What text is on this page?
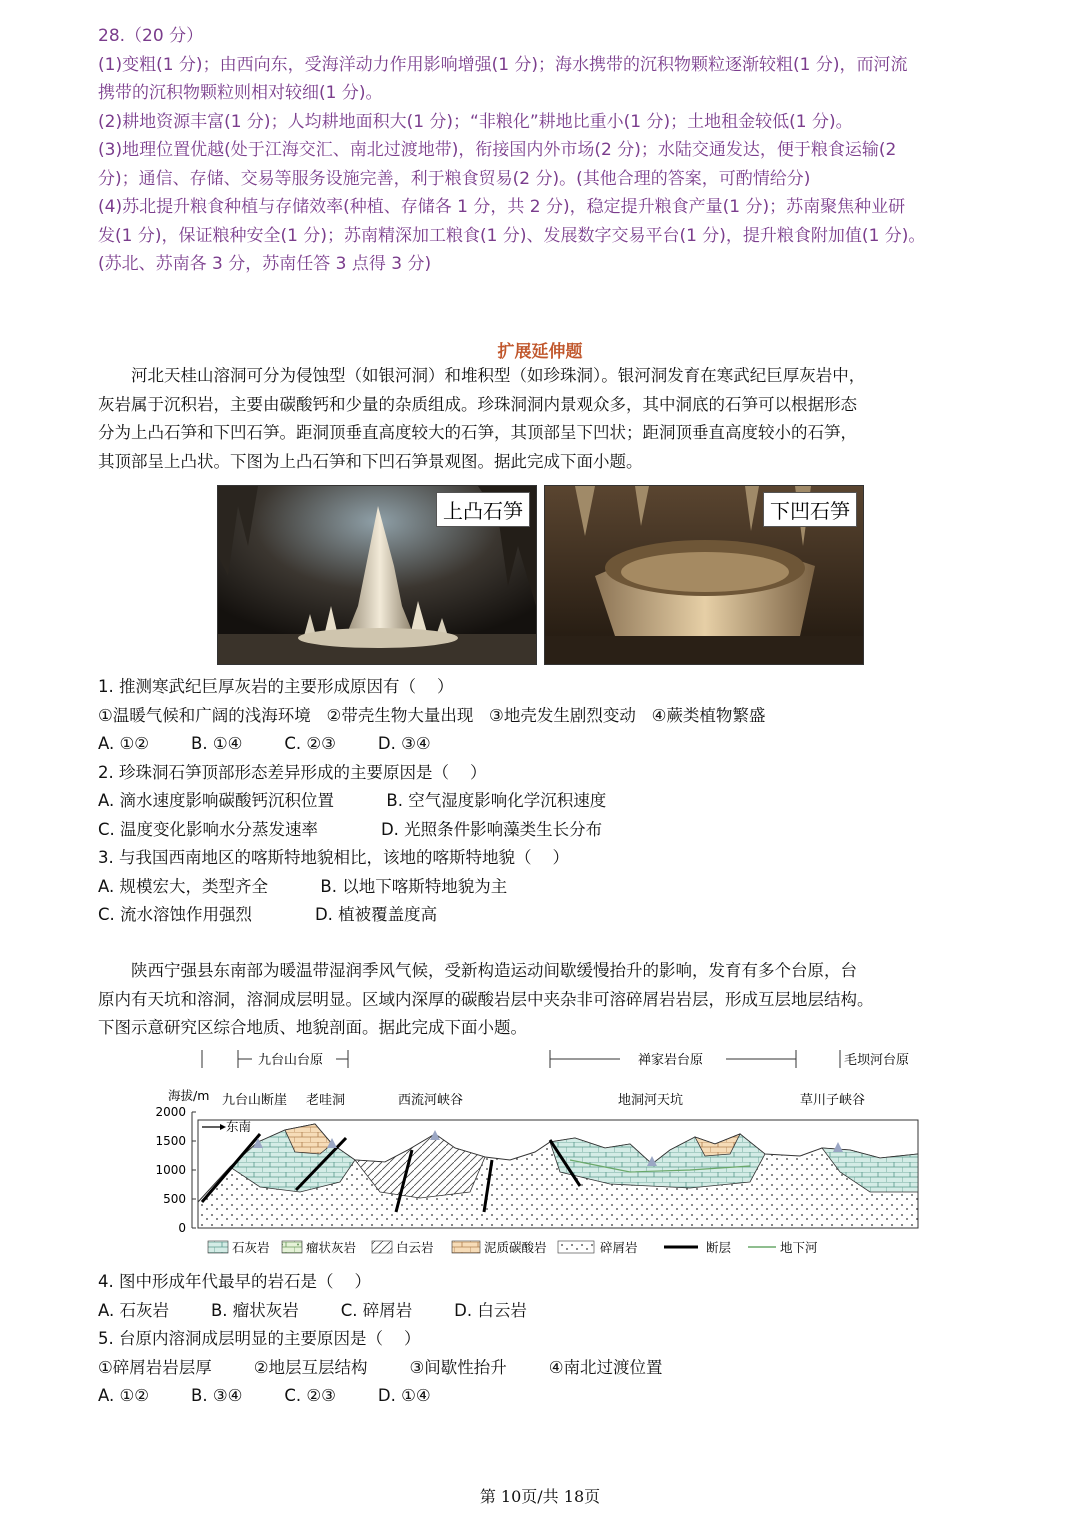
28.（20 分）

(1)变粗(1 分)；由西向东，受海洋动力作用影响增强(1 分)；海水携带的沉积物颗粒逐渐较粗(1 分)，而河流

携带的沉积物颗粒则相对较细(1 分)。

(2)耕地资源丰富(1 分)；人均耕地面积大(1 分)；“非粮化”耕地比重小(1 分)；土地租金较低(1 分)。

(3)地理位置优越(处于江海交汇、南北过渡地带)，衔接国内外市场(2 分)；水陆交通发达，便于粮食运输(2

分)；通信、存储、交易等服务设施完善，利于粮食贸易(2 分)。(其他合理的答案，可酌情给分)

(4)苏北提升粮食种植与存储效率(种植、存储各 1 分，共 2 分)，稳定提升粮食产量(1 分)；苏南聚焦种业研

发(1 分)，保证粮种安全(1 分)；苏南精深加工粮食(1 分)、发展数字交易平台(1 分)，提升粮食附加值(1 分)。

(苏北、苏南各 3 分，苏南任答 3 点得 3 分)

扩展延伸题

河北天桂山溶洞可分为侵蚀型（如银河洞）和堆积型（如珍珠洞）。银河洞发育在寒武纪巨厚灰岩中，

灰岩属于沉积岩，主要由碳酸钙和少量的杂质组成。珍珠洞洞内景观众多，其中洞底的石笋可以根据形态

分为上凸石笋和下凹石笋。距洞顶垂直高度较大的石笋，其顶部呈下凹状；距洞顶垂直高度较小的石笋，

其顶部呈上凸状。下图为上凸石笋和下凹石笋景观图。据此完成下面小题。

上凸石笋	下凹石笋

1. 推测寒武纪巨厚灰岩的主要形成原因有（    ）

①温暖气候和广阔的浅海环境   ②带壳生物大量出现   ③地壳发生剧烈变动   ④蕨类植物繁盛

A. ①②        B. ①④        C. ②③        D. ③④

2. 珍珠洞石笋顶部形态差异形成的主要原因是（    ）

A. 滴水速度影响碳酸钙沉积位置          B. 空气湿度影响化学沉积速度

C. 温度变化影响水分蒸发速率            D. 光照条件影响藻类生长分布

3. 与我国西南地区的喀斯特地貌相比，该地的喀斯特地貌（    ）

A. 规模宏大，类型齐全          B. 以地下喀斯特地貌为主

C. 流水溶蚀作用强烈            D. 植被覆盖度高

陕西宁强县东南部为暖温带湿润季风气候，受新构造运动间歇缓慢抬升的影响，发育有多个台原，台

原内有天坑和溶洞，溶洞成层明显。区域内深厚的碳酸岩层中夹杂非可溶碎屑岩岩层，形成互层地层结构。

下图示意研究区综合地质、地貌剖面。据此完成下面小题。

九台山台原	禅家岩台原	毛坝河台原
海拔/m
2000
1500
1000
500
0
东南
九台山断崖 老哇洞	西流河峡谷	地洞河天坑	草川子峡谷
石灰岩	瘤状灰岩	白云岩	泥质碳酸岩	碎屑岩	断层	地下河

4. 图中形成年代最早的岩石是（    ）

A. 石灰岩        B. 瘤状灰岩        C. 碎屑岩        D. 白云岩

5. 台原内溶洞成层明显的主要原因是（    ）

①碎屑岩岩层厚        ②地层互层结构        ③间歇性抬升        ④南北过渡位置

A. ①②        B. ③④        C. ②③        D. ①④

第 10页/共 18页
